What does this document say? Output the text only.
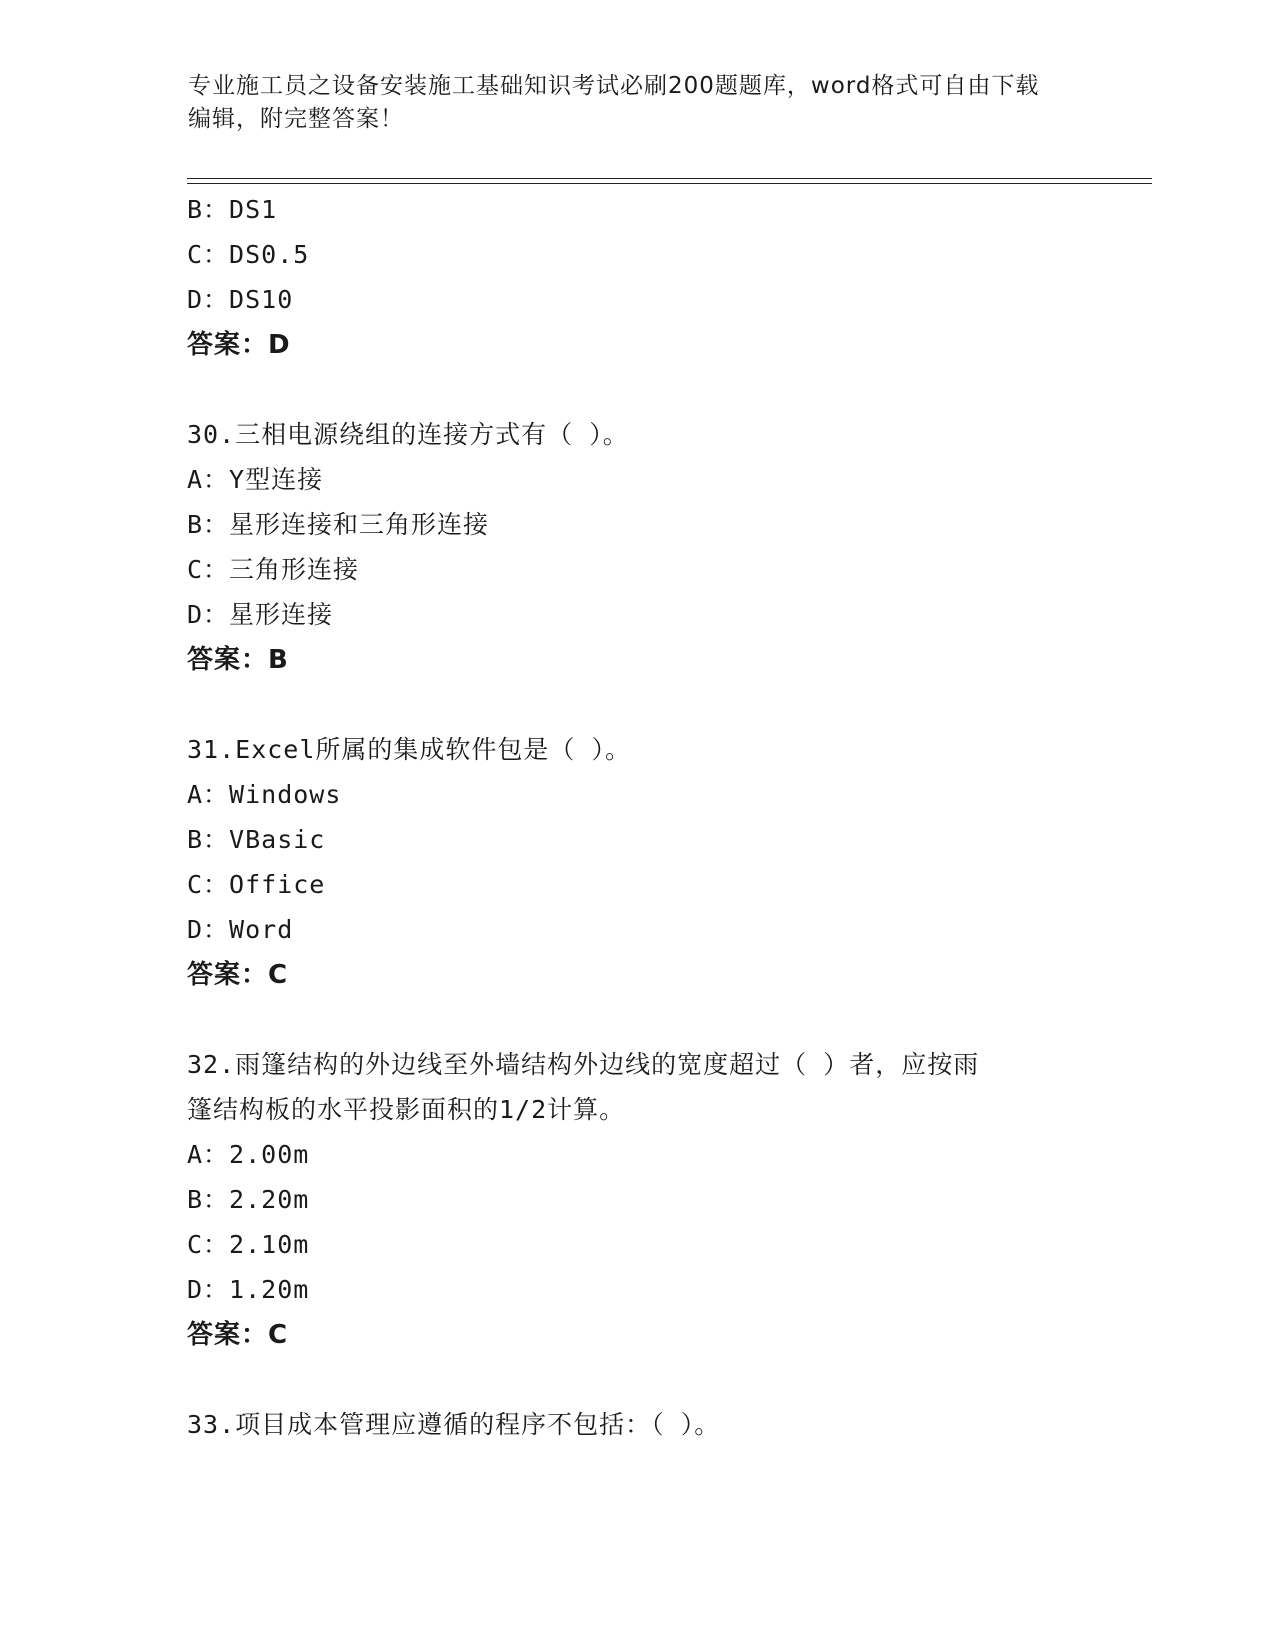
专业施工员之设备安装施工基础知识考试必刷200题题库，word格式可自由下载
编辑，附完整答案！
B：DS1
C：DS0.5
D：DS10
答案：D
30.三相电源绕组的连接方式有（ ）。
A：Y型连接
B：星形连接和三角形连接
C：三角形连接
D：星形连接
答案：B
31.Excel所属的集成软件包是（ ）。
A：Windows
B：VBasic
C：Office
D：Word
答案：C
32.雨篷结构的外边线至外墙结构外边线的宽度超过（ ）者，应按雨
篷结构板的水平投影面积的1/2计算。
A：2.00m
B：2.20m
C：2.10m
D：1.20m
答案：C
33.项目成本管理应遵循的程序不包括：（ ）。
